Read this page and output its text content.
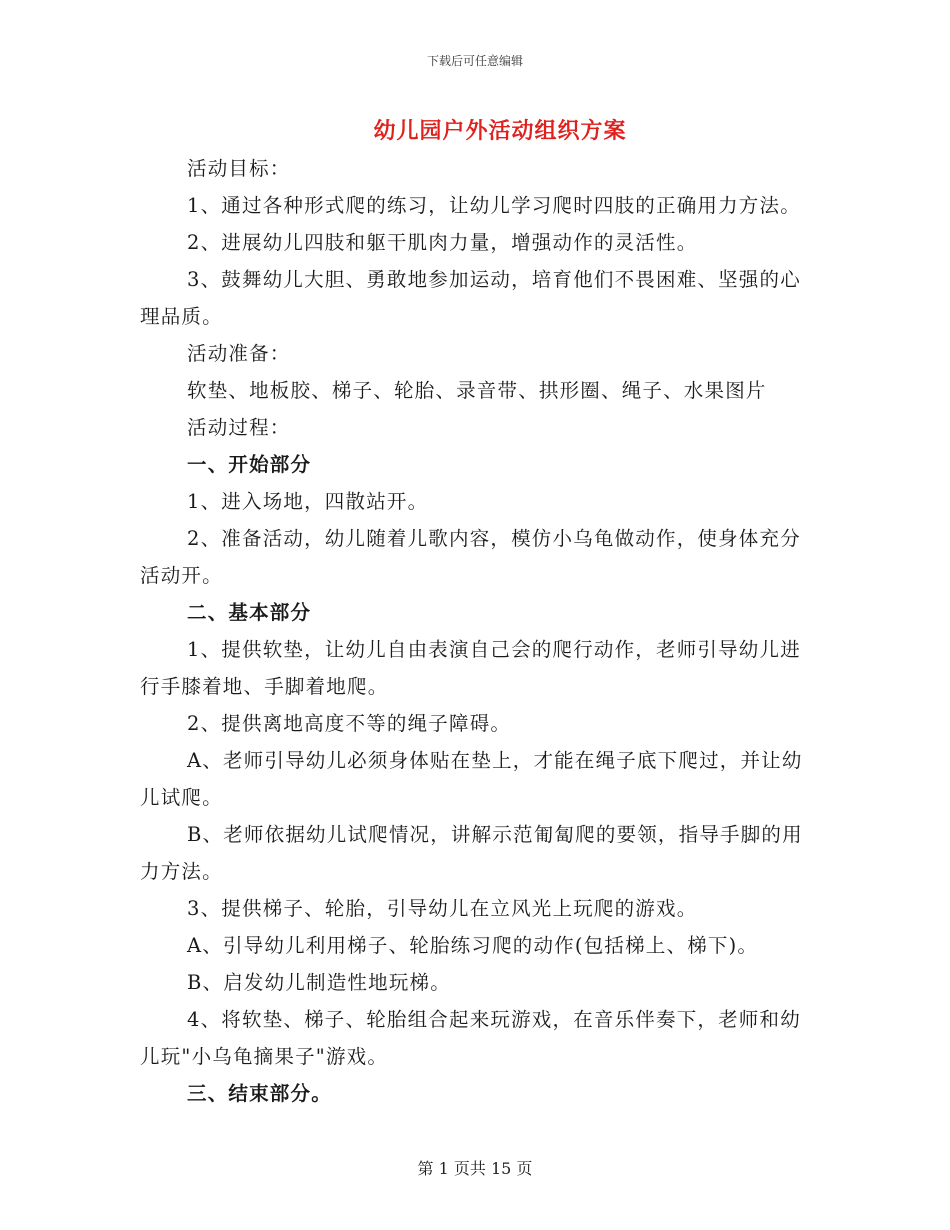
下载后可任意编辑
幼儿园户外活动组织方案

活动目标：

1、通过各种形式爬的练习，让幼儿学习爬时四肢的正确用力方法。

2、进展幼儿四肢和躯干肌肉力量，增强动作的灵活性。

3、鼓舞幼儿大胆、勇敢地参加运动，培育他们不畏困难、坚强的心理品质。

活动准备：

软垫、地板胶、梯子、轮胎、录音带、拱形圈、绳子、水果图片

活动过程：

一、开始部分

1、进入场地，四散站开。

2、准备活动，幼儿随着儿歌内容，模仿小乌龟做动作，使身体充分活动开。

二、基本部分

1、提供软垫，让幼儿自由表演自己会的爬行动作，老师引导幼儿进行手膝着地、手脚着地爬。

2、提供离地高度不等的绳子障碍。

A、老师引导幼儿必须身体贴在垫上，才能在绳子底下爬过，并让幼儿试爬。

B、老师依据幼儿试爬情况，讲解示范匍匐爬的要领，指导手脚的用力方法。

3、提供梯子、轮胎，引导幼儿在立风光上玩爬的游戏。

A、引导幼儿利用梯子、轮胎练习爬的动作(包括梯上、梯下)。

B、启发幼儿制造性地玩梯。

4、将软垫、梯子、轮胎组合起来玩游戏，在音乐伴奏下，老师和幼儿玩"小乌龟摘果子"游戏。

三、结束部分。

第 1 页共 15 页
